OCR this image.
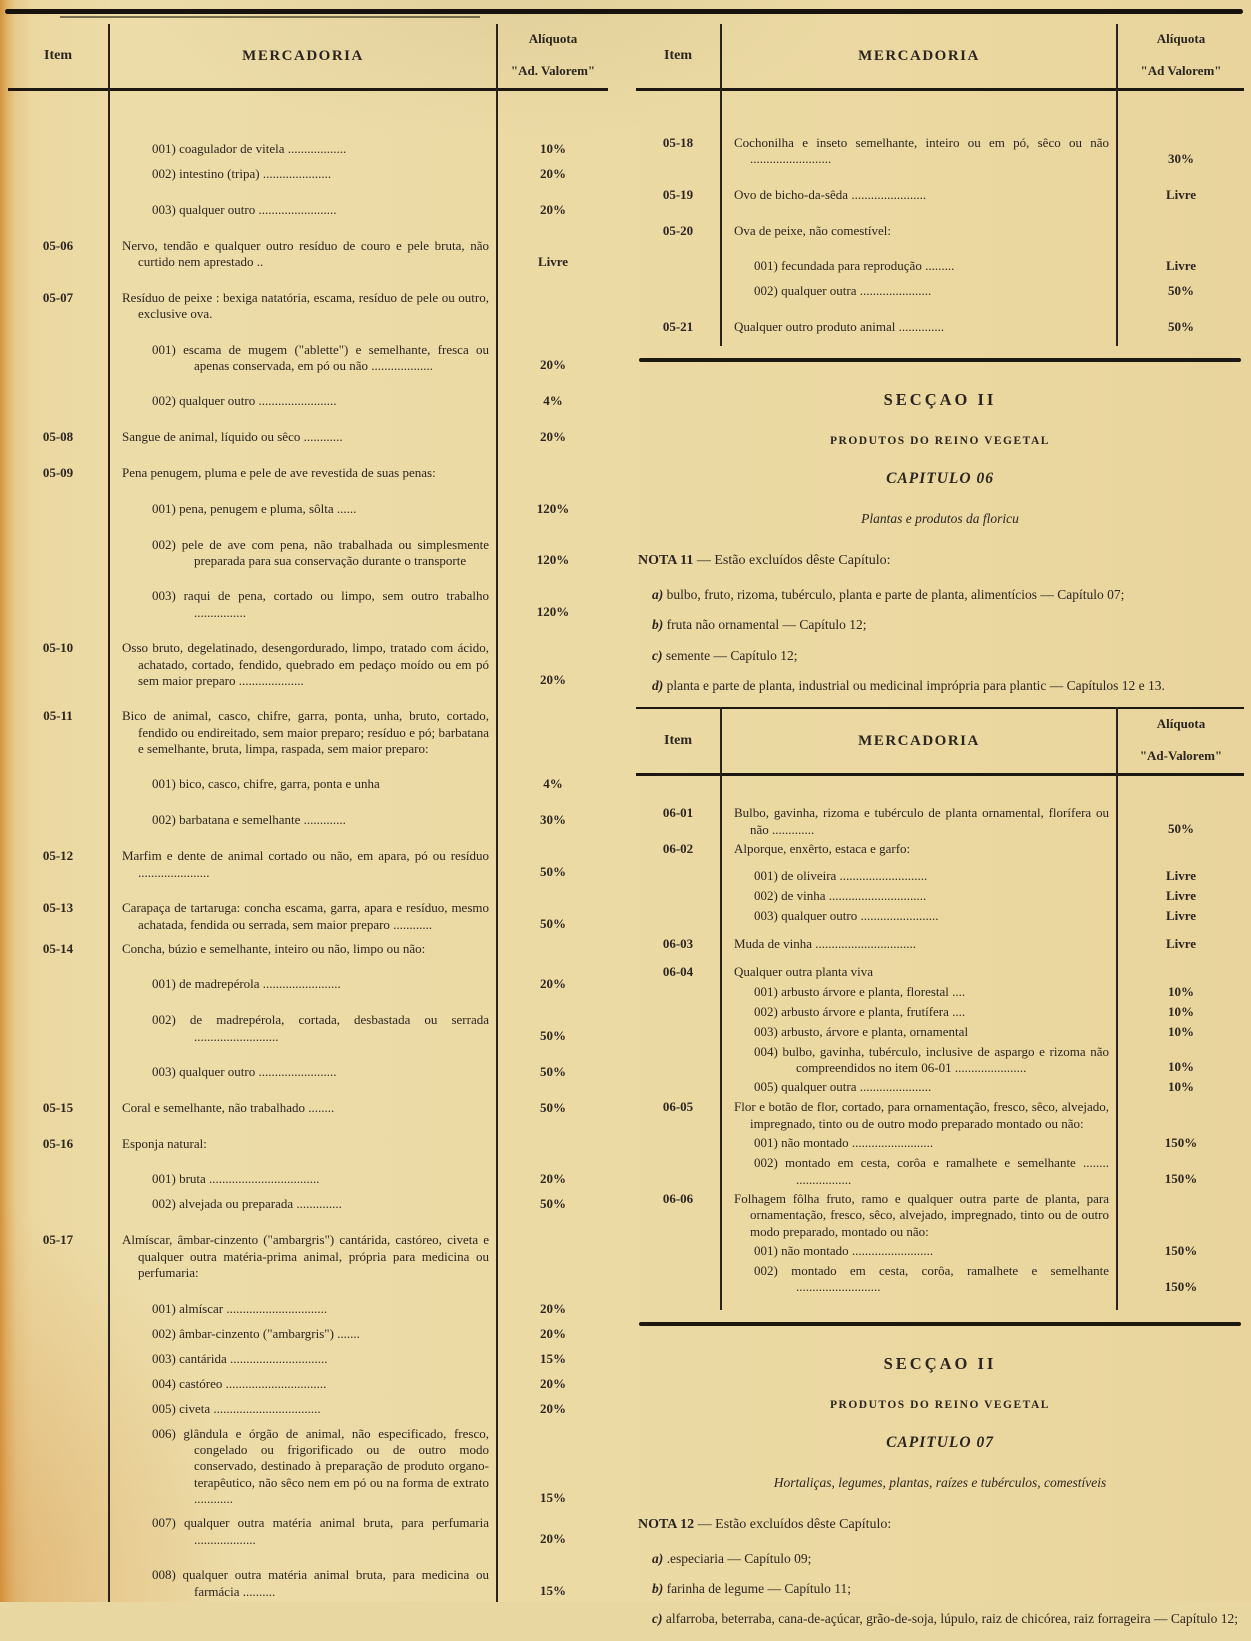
Item	MERCADORIA
Alíquota
"Ad. Valorem"
001) coagulador de vitela ..................	10%
002) intestino (tripa) .....................	20%
003) qualquer outro ........................	20%
05-06	Nervo, tendão e qualquer outro resíduo de couro e pele bruta, não curtido nem aprestado ..	Livre
05-07	Resíduo de peixe : bexiga natatória, escama, resíduo de pele ou outro, exclusive ova.
001) escama de mugem ("ablette") e semelhante, fresca ou apenas conservada, em pó ou não ...................	20%
002) qualquer outro ........................	4%
05-08	Sangue de animal, líquido ou sêco ............	20%
05-09	Pena penugem, pluma e pele de ave revestida de suas penas:
001) pena, penugem e pluma, sôlta ......	120%
002) pele de ave com pena, não trabalhada ou simplesmente preparada para sua conservação durante o transporte	120%
003) raqui de pena, cortado ou limpo, sem outro trabalho ................	120%
05-10	Osso bruto, degelatinado, desengordurado, limpo, tratado com ácido, achatado, cortado, fendido, quebrado em pedaço moído ou em pó sem maior preparo ....................	20%
05-11	Bico de animal, casco, chifre, garra, ponta, unha, bruto, cortado, fendido ou endireitado, sem maior preparo; resíduo e pó; barbatana e semelhante, bruta, limpa, raspada, sem maior preparo:
001) bico, casco, chifre, garra, ponta e unha	4%
002) barbatana e semelhante .............	30%
05-12	Marfim e dente de animal cortado ou não, em apara, pó ou resíduo ......................	50%
05-13	Carapaça de tartaruga: concha escama, garra, apara e resíduo, mesmo achatada, fendida ou serrada, sem maior preparo ............	50%
05-14	Concha, búzio e semelhante, inteiro ou não, limpo ou não:
001) de madrepérola ........................	20%
002) de madrepérola, cortada, desbastada ou serrada ..........................	50%
003) qualquer outro ........................	50%
05-15	Coral e semelhante, não trabalhado ........	50%
05-16	Esponja natural:
001) bruta ..................................	20%
002) alvejada ou preparada ..............	50%
05-17	Almíscar, âmbar-cinzento ("ambargris") cantárida, castóreo, civeta e qualquer outra matéria-prima animal, própria para medicina ou perfumaria:
001) almíscar ...............................	20%
002) âmbar-cinzento ("ambargris") .......	20%
003) cantárida ..............................	15%
004) castóreo ...............................	20%
005) civeta .................................	20%
006) glândula e órgão de animal, não especificado, fresco, congelado ou frigorificado ou de outro modo conservado, destinado à preparação de produto organo-terapêutico, não sêco nem em pó ou na forma de extrato ............	15%
007) qualquer outra matéria animal bruta, para perfumaria ...................	20%
008) qualquer outra matéria animal bruta, para medicina ou farmácia ..........	15%
Item	MERCADORIA
Alíquota
"Ad Valorem"
05-18	Cochonilha e inseto semelhante, inteiro ou em pó, sêco ou não .........................	30%
05-19	Ovo de bicho-da-sêda .......................	Livre
05-20	Ova de peixe, não comestível:
001) fecundada para reprodução .........	Livre
002) qualquer outra ......................	50%
05-21	Qualquer outro produto animal ..............	50%
SECÇAO II
PRODUTOS DO REINO VEGETAL
CAPITULO 06
Plantas e produtos da floricu
NOTA 11 — Estão excluídos dêste Capítulo:
a) bulbo, fruto, rizoma, tubérculo, planta e parte de planta, alimentícios — Capítulo 07;
b) fruta não ornamental — Capítulo 12;
c) semente — Capítulo 12;
d) planta e parte de planta, industrial ou medicinal imprópria para plantic — Capítulos 12 e 13.
Item	MERCADORIA
Alíquota
"Ad-Valorem"
06-01	Bulbo, gavinha, rizoma e tubérculo de planta ornamental, florífera ou não .............	50%
06-02	Alporque, enxêrto, estaca e garfo:
001) de oliveira ...........................	Livre
002) de vinha ..............................	Livre
003) qualquer outro ........................	Livre
06-03	Muda de vinha ...............................	Livre
06-04	Qualquer outra planta viva
001) arbusto árvore e planta, florestal ....	10%
002) arbusto árvore e planta, frutífera ....	10%
003) arbusto, árvore e planta, ornamental	10%
004) bulbo, gavinha, tubérculo, inclusive de aspargo e rizoma não compreendidos no item 06-01 ......................	10%
005) qualquer outra ......................	10%
06-05	Flor e botão de flor, cortado, para ornamentação, fresco, sêco, alvejado, impregnado, tinto ou de outro modo preparado montado ou não:
001) não montado .........................	150%
002) montado em cesta, corôa e ramalhete e semelhante ........ .................	150%
06-06	Folhagem fôlha fruto, ramo e qualquer outra parte de planta, para ornamentação, fresco, sêco, alvejado, impregnado, tinto ou de outro modo preparado, montado ou não:
001) não montado .........................	150%
002) montado em cesta, corôa, ramalhete e semelhante ..........................	150%
SECÇAO II
PRODUTOS DO REINO VEGETAL
CAPITULO 07
Hortaliças, legumes, plantas, raízes e tubérculos, comestíveis
NOTA 12 — Estão excluídos dêste Capítulo:
a) .especiaria — Capítulo 09;
b) farinha de legume — Capítulo 11;
c) alfarroba, beterraba, cana-de-açúcar, grão-de-soja, lúpulo, raiz de chicórea, raiz forrageira — Capítulo 12;
